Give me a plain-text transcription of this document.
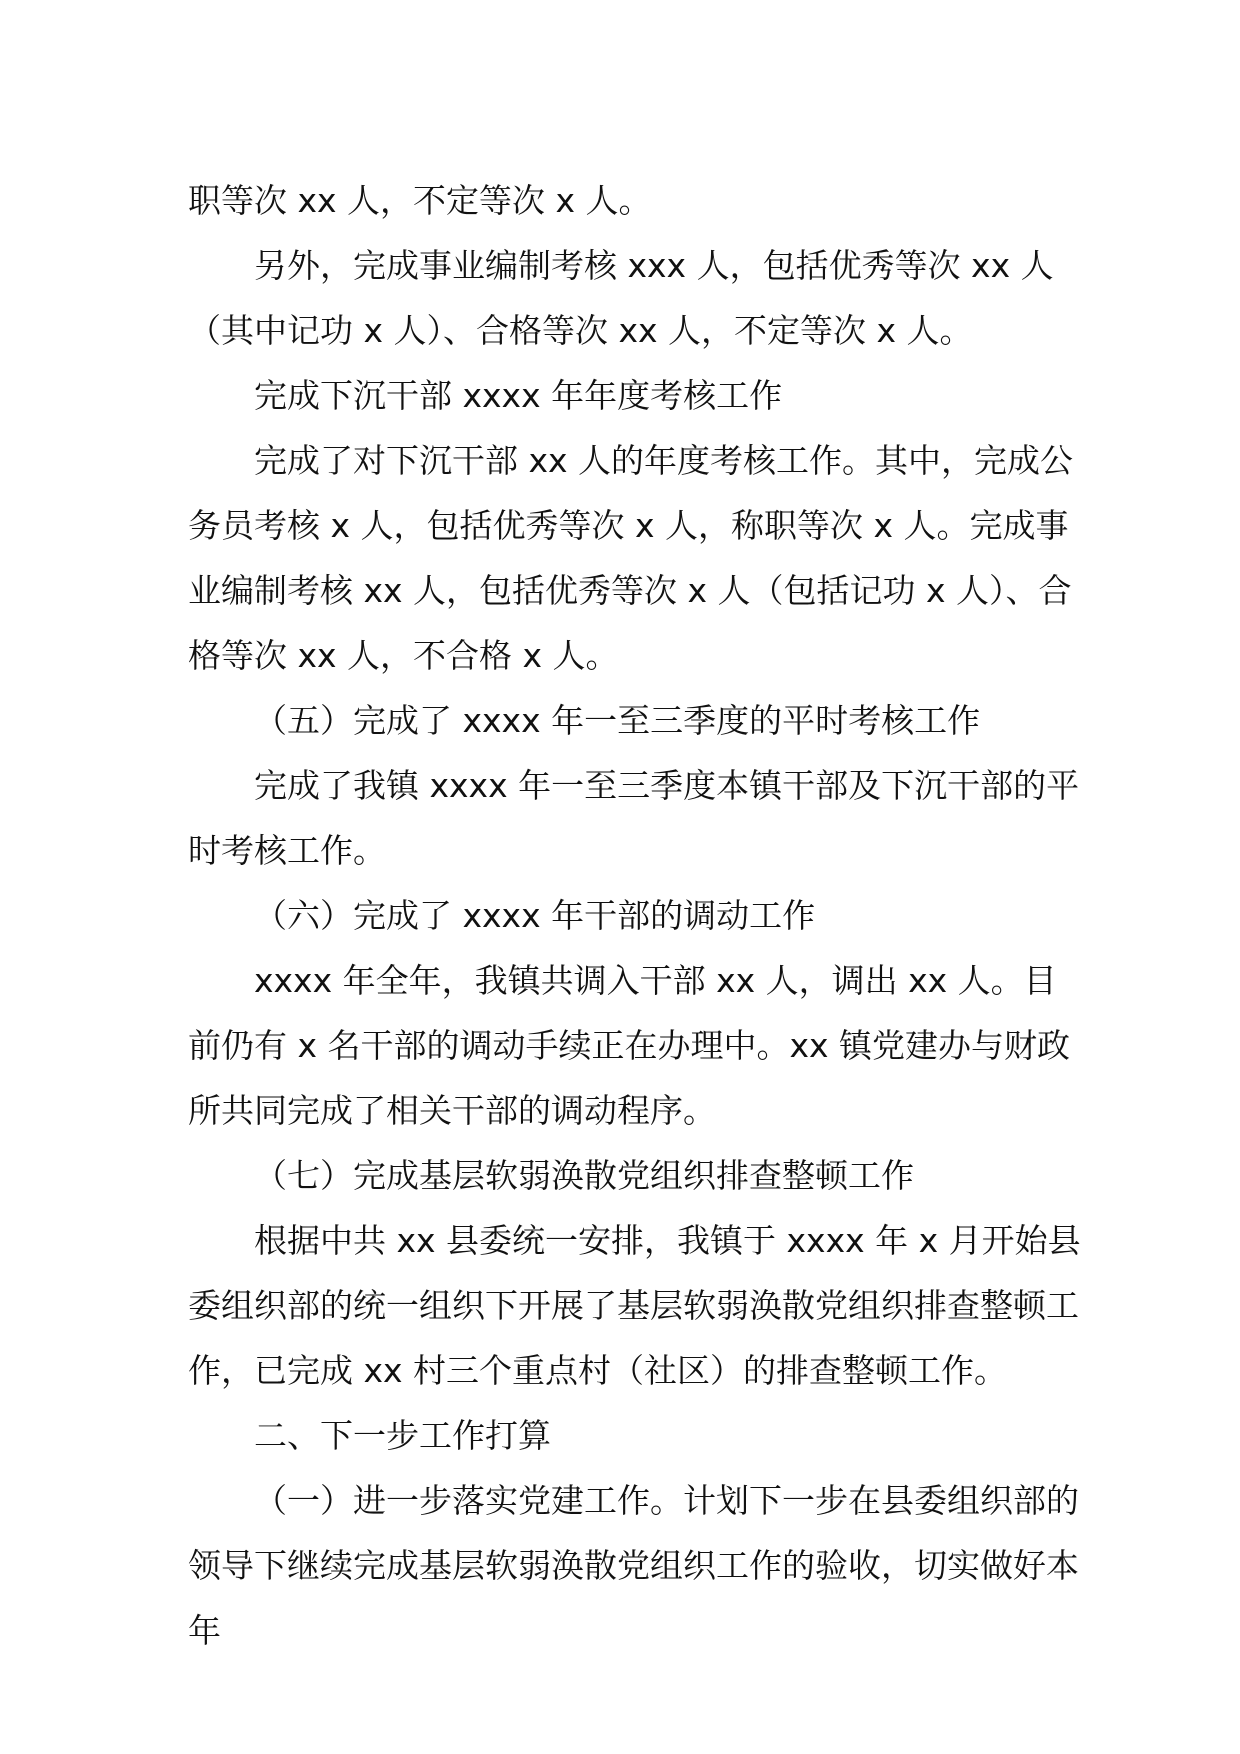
职等次 xx 人，不定等次 x 人。

另外，完成事业编制考核 xxx 人，包括优秀等次 xx 人（其中记功 x 人）、合格等次 xx 人，不定等次 x 人。

完成下沉干部 xxxx 年年度考核工作

完成了对下沉干部 xx 人的年度考核工作。其中，完成公务员考核 x 人，包括优秀等次 x 人，称职等次 x 人。完成事业编制考核 xx 人，包括优秀等次 x 人（包括记功 x 人）、合格等次 xx 人，不合格 x 人。

（五）完成了 xxxx 年一至三季度的平时考核工作

完成了我镇 xxxx 年一至三季度本镇干部及下沉干部的平时考核工作。

（六）完成了 xxxx 年干部的调动工作

xxxx 年全年，我镇共调入干部 xx 人，调出 xx 人。目前仍有 x 名干部的调动手续正在办理中。xx 镇党建办与财政所共同完成了相关干部的调动程序。

（七）完成基层软弱涣散党组织排查整顿工作

根据中共 xx 县委统一安排，我镇于 xxxx 年 x 月开始县委组织部的统一组织下开展了基层软弱涣散党组织排查整顿工作，已完成 xx 村三个重点村（社区）的排查整顿工作。

二、下一步工作打算

（一）进一步落实党建工作。计划下一步在县委组织部的领导下继续完成基层软弱涣散党组织工作的验收，切实做好本年
